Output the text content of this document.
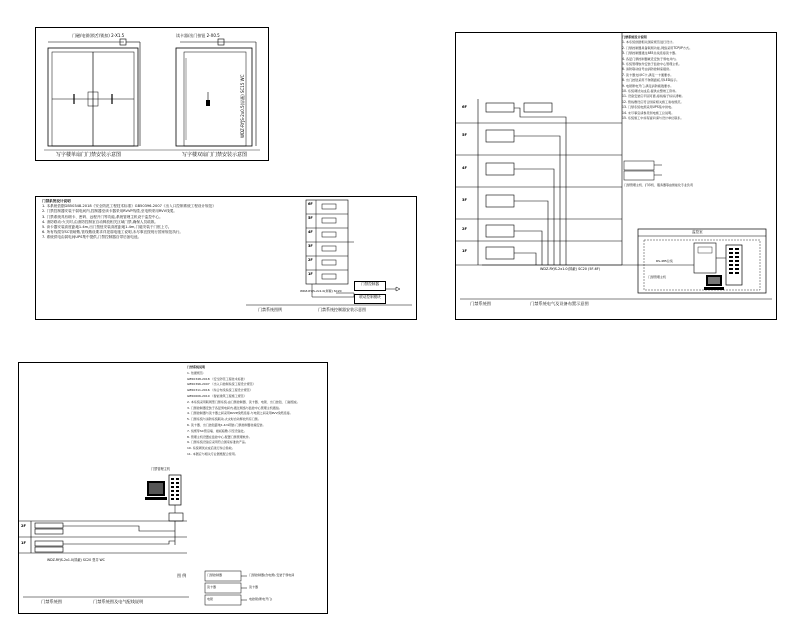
门磁/电锁(锁舌/锁扣) 2-X1.5	读卡器/出门按钮 2-X0.5
WDZ-RYJS-2x0.5(屏蔽) SC15 WC
写字楼单扇门门禁安装示意图	写字楼双扇门门禁安装示意图
门禁系统设计说明
1. 本系统依据GB50348-2018《安全防范工程技术标准》GB50396-2007《出入口控制系统工程设计规范》
2. 门禁控制器安装于弱电间内,控制器至读卡器采用RVVP线缆,至电锁采用RVV线缆。
3. 门禁系统具有刷卡、密码、远程开门等功能,系统管理主机设于监控中心。
4. 消防联动:火灾时,由消防控制室自动释放相关区域门禁,确保人员疏散。
5. 读卡器安装高度距地1.4m,出门按钮安装高度距地1.4m,门磁安装于门框上方。
6. 所有线缆穿SC管暗敷,管线敷设要求详见弱电施工说明,未尽事宜按现行国家规范执行。
7. 系统供电由弱电间UPS集中提供,门禁控制器自带后备电池。
6F
5F
4F
3F
2F
1F
门禁控制器
联动控制模块
WDZ-RYJS-2x1.0(屏蔽) SC20
门禁系统图例	门禁系统控制器安装示意图
门禁系统设计说明
1. 本系统依据相关国家规范进行设计。
2. 门禁控制器具备联网功能,网络采用TCP/IP方式。
3. 门禁控制器通过485总线连接读卡器。
4. 各层门禁控制器就近安装于弱电井内。
5. 系统管理软件安装于监控中心管理主机。
6. 消防联动信号由消防控制室提供。
7. 读卡器支持IC卡,满足一卡通要求。
8. 出门按钮采用不锈钢面板,带LED指示。
9. 电锁断电开门,满足消防疏散要求。
10. 系统调试完成后,提供完整竣工资料。
11. 设备安装应牢固可靠,接线端子标识清晰。
12. 管线敷设应符合国家相关施工验收规范。
13. 门禁系统电源采用UPS集中供电。
14. 未尽事宜请参见弱电施工总说明。
15. 系统施工中如有疑问请与设计单位联系。
6F
5F
4F
3F
2F
1F
监控室
门禁管理主机
RS-485总线
WDZ-RYJS-2x1.0(屏蔽) SC20 (5F-6F)
门禁管理主机、打印机、服务器等由智能化专业负责
门禁系统图	门禁系统电气及设备布置示意图
门禁系统说明
1. 依据规范:
GB50348-2018 《安全防范工程技术标准》
GB50396-2007 《出入口控制系统工程设计规范》
GB50311-2016 《综合布线系统工程设计规范》
GB50606-2010 《智能建筑工程施工规范》
2. 本系统采用联网型门禁系统,由门禁控制器、读卡器、电锁、出门按钮、门磁组成。
3. 门禁控制器安装于各层弱电间内,通过网络与监控中心管理主机通信。
4. 门禁控制器与读卡器之间采用RVVP线缆连接,与电锁之间采用RVV线缆连接。
5. 门禁系统与消防系统联动,火灾时自动释放所有门禁。
6. 读卡器、出门按钮距地1.4m明装,门禁控制器挂墙安装。
7. 线缆穿SC管沿墙、楼板暗敷,引至设备处。
8. 管理主机设置在监控中心,配置门禁管理软件。
9. 门禁系统设备应采用符合国家标准的产品。
10. 系统调试完成后进行综合验收。
11. 本图应与相关专业图纸配合使用。
门禁管理主机
2F
1F
WDZ-RYJS-2x1.0(屏蔽) SC20 竖井 WC
图 例	门禁控制器	门禁控制器(含电源),安装于弱电间
读卡器	读卡器
电锁	电控锁(断电开门)
门禁系统图	门禁系统图及电气配线说明
